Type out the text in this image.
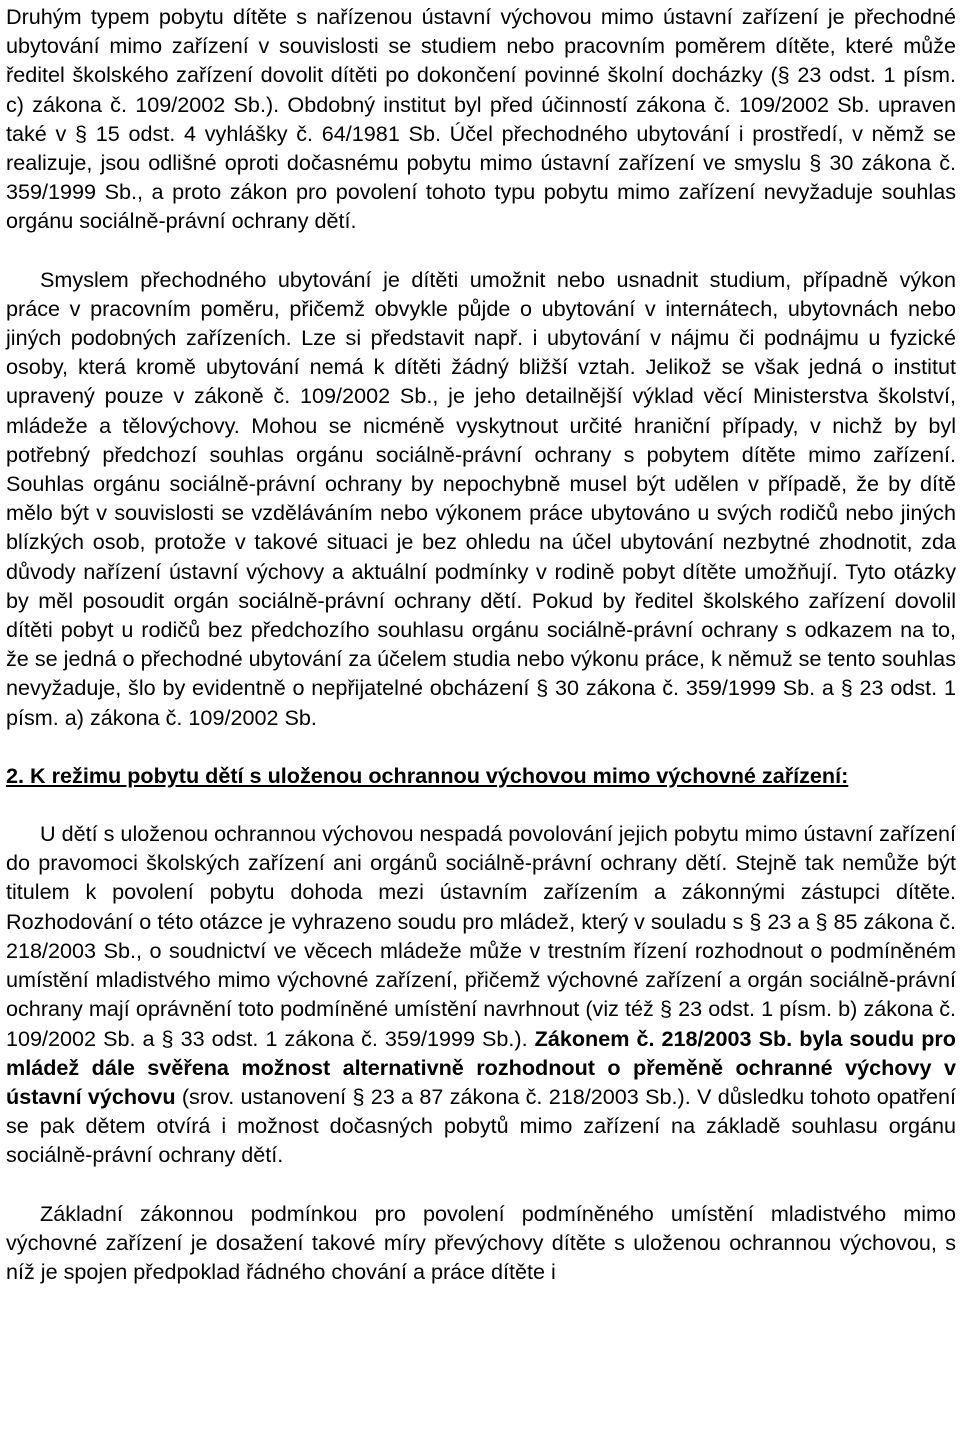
Druhým typem pobytu dítěte s nařízenou ústavní výchovou mimo ústavní zařízení je přechodné ubytování mimo zařízení v souvislosti se studiem nebo pracovním poměrem dítěte, které může ředitel školského zařízení dovolit dítěti po dokončení povinné školní docházky (§ 23 odst. 1 písm. c) zákona č. 109/2002 Sb.). Obdobný institut byl před účinností zákona č. 109/2002 Sb. upraven také v § 15 odst. 4 vyhlášky č. 64/1981 Sb. Účel přechodného ubytování i prostředí, v němž se realizuje, jsou odlišné oproti dočasnému pobytu mimo ústavní zařízení ve smyslu § 30 zákona č. 359/1999 Sb., a proto zákon pro povolení tohoto typu pobytu mimo zařízení nevyžaduje souhlas orgánu sociálně-právní ochrany dětí.

Smyslem přechodného ubytování je dítěti umožnit nebo usnadnit studium, případně výkon práce v pracovním poměru, přičemž obvykle půjde o ubytování v internátech, ubytovnách nebo jiných podobných zařízeních. Lze si představit např. i ubytování v nájmu či podnájmu u fyzické osoby, která kromě ubytování nemá k dítěti žádný bližší vztah. Jelikož se však jedná o institut upravený pouze v zákoně č. 109/2002 Sb., je jeho detailnější výklad věcí Ministerstva školství, mládeže a tělovýchovy. Mohou se nicméně vyskytnout určité hraniční případy, v nichž by byl potřebný předchozí souhlas orgánu sociálně-právní ochrany s pobytem dítěte mimo zařízení. Souhlas orgánu sociálně-právní ochrany by nepochybně musel být udělen v případě, že by dítě mělo být v souvislosti se vzděláváním nebo výkonem práce ubytováno u svých rodičů nebo jiných blízkých osob, protože v takové situaci je bez ohledu na účel ubytování nezbytné zhodnotit, zda důvody nařízení ústavní výchovy a aktuální podmínky v rodině pobyt dítěte umožňují. Tyto otázky by měl posoudit orgán sociálně-právní ochrany dětí. Pokud by ředitel školského zařízení dovolil dítěti pobyt u rodičů bez předchozího souhlasu orgánu sociálně-právní ochrany s odkazem na to, že se jedná o přechodné ubytování za účelem studia nebo výkonu práce, k němuž se tento souhlas nevyžaduje, šlo by evidentně o nepřijatelné obcházení § 30 zákona č. 359/1999 Sb. a § 23 odst. 1 písm. a) zákona č. 109/2002 Sb.

2. K režimu pobytu dětí s uloženou ochrannou výchovou mimo výchovné zařízení:

U dětí s uloženou ochrannou výchovou nespadá povolování jejich pobytu mimo ústavní zařízení do pravomoci školských zařízení ani orgánů sociálně-právní ochrany dětí. Stejně tak nemůže být titulem k povolení pobytu dohoda mezi ústavním zařízením a zákonnými zástupci dítěte. Rozhodování o této otázce je vyhrazeno soudu pro mládež, který v souladu s § 23 a § 85 zákona č. 218/2003 Sb., o soudnictví ve věcech mládeže může v trestním řízení rozhodnout o podmíněném umístění mladistvého mimo výchovné zařízení, přičemž výchovné zařízení a orgán sociálně-právní ochrany mají oprávnění toto podmíněné umístění navrhnout (viz též § 23 odst. 1 písm. b) zákona č. 109/2002 Sb. a § 33 odst. 1 zákona č. 359/1999 Sb.). Zákonem č. 218/2003 Sb. byla soudu pro mládež dále svěřena možnost alternativně rozhodnout o přeměně ochranné výchovy v ústavní výchovu (srov. ustanovení § 23 a 87 zákona č. 218/2003 Sb.). V důsledku tohoto opatření se pak dětem otvírá i možnost dočasných pobytů mimo zařízení na základě souhlasu orgánu sociálně-právní ochrany dětí.

Základní zákonnou podmínkou pro povolení podmíněného umístění mladistvého mimo výchovné zařízení je dosažení takové míry převýchovy dítěte s uloženou ochrannou výchovou, s níž je spojen předpoklad řádného chování a práce dítěte i
